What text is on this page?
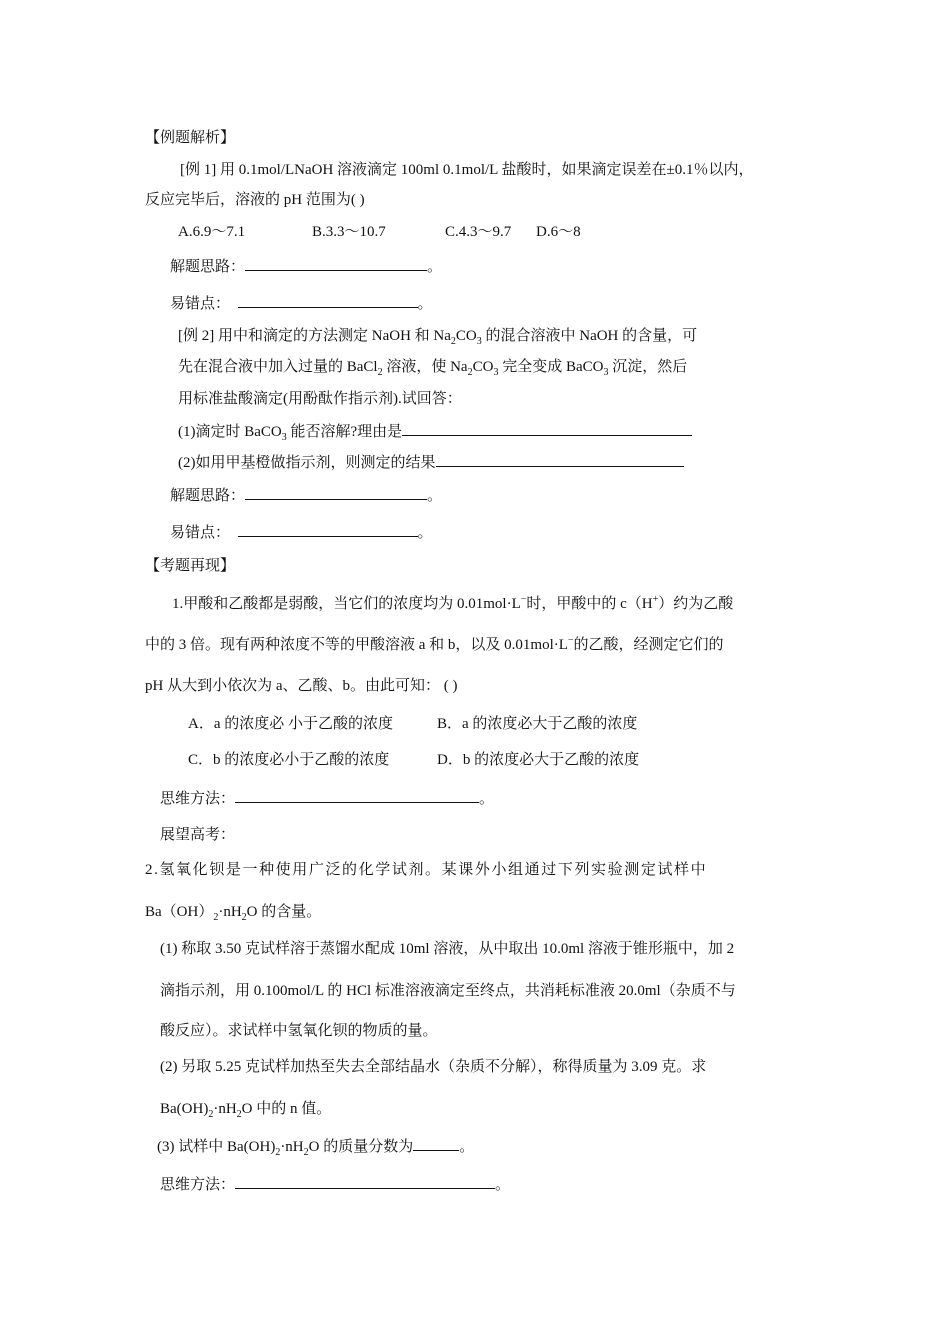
【例题解析】
[例 1] 用 0.1mol/LNaOH 溶液滴定 100ml 0.1mol/L 盐酸时，如果滴定误差在±0.1％以内，
反应完毕后，溶液的 pH 范围为( )
A.6.9～7.1	B.3.3～10.7	C.4.3～9.7 D.6～8
解题思路：	。
易错点：	。
[例 2] 用中和滴定的方法测定 NaOH 和 $Na_2CO_3$ 的混合溶液中 NaOH 的含量，可
先在混合液中加入过量的 BaCl$_2$ 溶液，使 $Na_2CO_3$ 完全变成 BaCO$_3$ 沉淀，然后
用标准盐酸滴定(用酚酞作指示剂).试回答：
(1)滴定时 BaCO$_3$ 能否溶解?理由是
(2)如用甲基橙做指示剂，则测定的结果
解题思路：	。
易错点：	。
【考题再现】
1.甲酸和乙酸都是弱酸，当它们的浓度均为 0.01mol·L−时，甲酸中的 c（H+）约为乙酸
中的 3 倍。现有两种浓度不等的甲酸溶液 a 和 b，以及 0.01mol·L−的乙酸，经测定它们的
pH 从大到小依次为 a、乙酸、b。由此可知： ( )
A．a 的浓度必 小于乙酸的浓度	B．a 的浓度必大于乙酸的浓度
C．b 的浓度必小于乙酸的浓度	D．b 的浓度必大于乙酸的浓度
思维方法：	。
展望高考：
2.氢氧化钡是一种使用广泛的化学试剂。某课外小组通过下列实验测定试样中
$Ba(OH)_2\cdot nH_2O$ 的含量。
(1) 称取 3.50 克试样溶于蒸馏水配成 10ml 溶液，从中取出 10.0ml 溶液于锥形瓶中，加 2
滴指示剂，用 0.100mol/L 的 HCl 标准溶液滴定至终点，共消耗标准液 20.0ml（杂质不与
酸反应）。求试样中氢氧化钡的物质的量。
(2) 另取 5.25 克试样加热至失去全部结晶水（杂质不分解），称得质量为 3.09 克。求
$Ba(OH)_2\cdot nH_2O$ 中的 n 值。
(3) 试样中 $Ba(OH)_2\cdot nH_2O$ 的质量分数为	。
思维方法：	。
